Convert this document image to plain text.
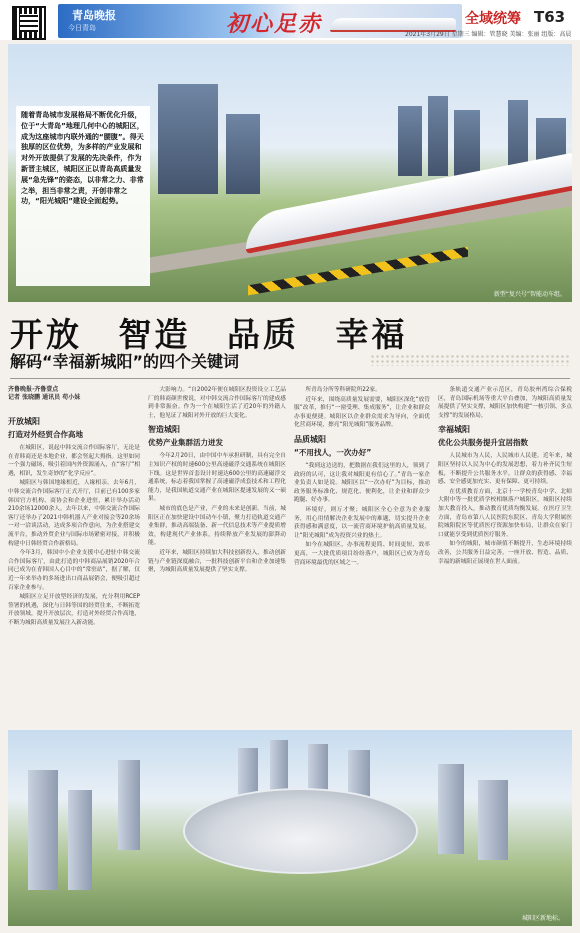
青岛晚报
今日青岛	初心足赤	全域统筹 T63
2021年3月29日 星期三 编辑：管慧晓 美编：张丽 组版：高晨

随着青岛城市发展格局不断优化升级，位于“大青岛”地理几何中心的城阳区，成为这座城市内联外通的“腰腹”。得天独厚的区位优势，为多样的产业发展和对外开放提供了发展的先决条件，作为新晋主城区，城阳区正以青岛高质量发展“急先锋”的姿态，以非常之力、非常之举，担当非常之责，开创非常之功，“阳光城阳”建设全面起势。

新型“复兴号”智能动车组。
开放 智造 品质 幸福
解码“幸福新城阳”的四个关键词
齐鲁晚报·齐鲁壹点
记者 张晓鹏 通讯员 苟小妹
开放城阳
打造对外经贸合作高地

在城阳区，说起中韩交流合作国际客厅，无论是在青韩商还是本地企业，都会竖起大拇指。这里如同一个强力磁场，吸引着国内外资源涌入，在“客厅”相遇，相识，发生奇妙的“化学反应”。

城阳区与韩国地缘相近，人缘相亲。去年6月，中韩交流合作国际客厅正式开厅，目前已有100多家韩国官方机构、商协会和企业进驻，累计举办活动210余场12000余人。去年以来，中韩交流合作国际客厅还举办了2021中韩机器人产业对接会等20余场一对一洽谈活动，达成多项合作意向，为企业搭建交流平台，推动外贸企业与国际市场紧密对接，并积极构建中日韩经贸合作新格局。

今年3月，韩国中小企业支援中心进驻中韩交流合作国际客厅，由此打造的中韩商品展销2020年合同已成为在青韩国人心目中的“常驻站”，据了解，仅近一年来举办的多场进出口商品展销会，便吸引超过百家企业参与。

城阳区立足开放型经济的发展，充分利用RCEP签署的机遇，深化与日韩等国的经贸往来，不断拓宽开放领域，提升开放层次，打造对外经贸合作高地，不断为城阳高质量发展注入新动能。

大影响力。“自2002年便在城阳区投资设立工艺品厂的韩商颜世俊说，对中韩交流合作国际客厅的建成感到非常振奋。作为一个在城阳生活了近20年的外籍人士，他见证了城阳对外开放的巨大变化。

智造城阳
优势产业集群活力迸发

今年2月20日，由中国中车承担研制，具有完全自主知识产权的时速600公里高速磁浮交通系统在城阳区下线。这是世界首套设计时速达600公里的高速磁浮交通系统，标志着我国掌握了高速磁浮成套技术和工程化能力，是我国轨道交通产业在城阳区提速发展的又一硕果。

城市的底色是产业，产业的未来是创新。当前，城阳区正在加快建设中国动车小镇，聚力打造轨道交通产业集群，推动高端装备、新一代信息技术等产业提质增效，构建现代产业体系，持续释放产业发展的澎湃动能。

近年来，城阳区持续加大科技创新投入，推动创新链与产业链深度融合，一批科技创新平台和企业加速集聚，为城阳高质量发展提供了坚实支撑。

所青岛分所等科研院所22家。

近年来，围绕高质量发展需要，城阳区深化“放管服”改革，推行“一窗受理、集成服务”，让企业和群众办事更便捷。城阳区以企业群众需求为导向，全面优化营商环境，擦亮“阳光城阳”服务品牌。

品质城阳
“不用找人，一次办好”

“我到这边送的，把数据在我们这里的人，领到了政府的认可，这让我对城阳更有信心了。”青岛一家企业负责人如是说。城阳区以“一次办好”为目标，推动政务服务标准化、规范化、便利化，让企业和群众少跑腿、好办事。

环境好，则万才聚；城阳区全心全意为企业服务，用心用情解决企业发展中的难题，切实提升企业获得感和满意度，以一流营商环境护航高质量发展，让“阳光城阳”成为投资兴业的热土。

如今在城阳区，办事流程更简、时间更短、效率更高，一大批优质项目纷纷落户，城阳区已成为青岛营商环境最优的区域之一。

条轨道交通产业示范区，青岛胶州湾综合保税区，青岛国际机场等重大平台叠加，为城阳高质量发展提供了坚实支撑，城阳区加快构建“一核引领、多点支撑”的发展格局。

幸福城阳
优化公共服务提升宜居指数

人民城市为人民，人民城市人民建。近年来，城阳区坚持以人民为中心的发展思想，着力补齐民生短板，不断提升公共服务水平，让群众的获得感、幸福感、安全感更加充实、更有保障、更可持续。

在优质教育方面，北京十一学校青岛中学、北师大附中等一批优质学校相继落户城阳区，城阳区持续加大教育投入，推动教育优质均衡发展。在医疗卫生方面，青岛市第八人民医院东院区、青岛大学附属医院城阳院区等优质医疗资源加快布局，让群众在家门口就能享受到优质医疗服务。

如今的城阳，城市颜值不断提升，生态环境持续改善，公共服务日益完善，一座开放、智造、品质、幸福的新城阳正展现在世人面前。

城阳区新地标。
